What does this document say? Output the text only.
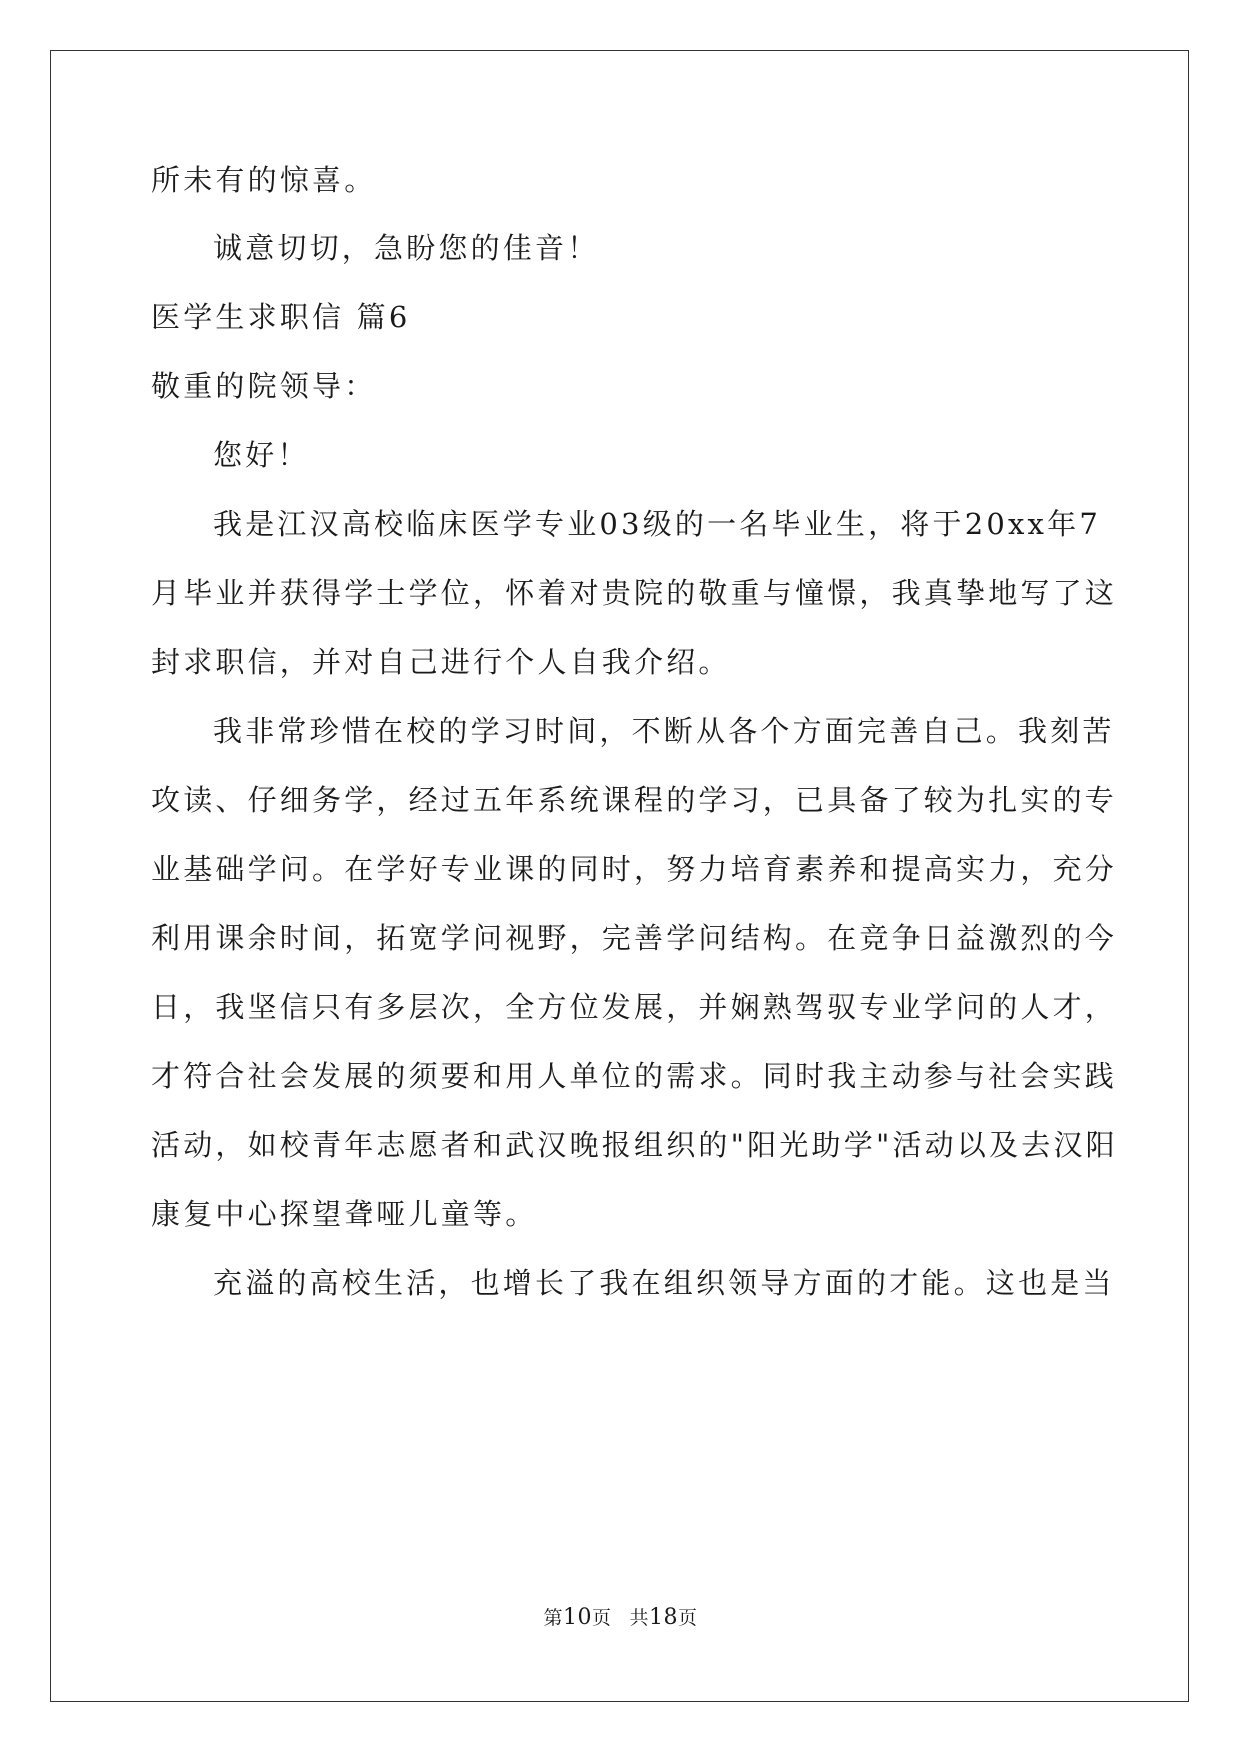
所未有的惊喜。
诚意切切，急盼您的佳音！
医学生求职信 篇6
敬重的院领导：
您好！
我是江汉高校临床医学专业03级的一名毕业生，将于20xx年7
月毕业并获得学士学位，怀着对贵院的敬重与憧憬，我真挚地写了这
封求职信，并对自己进行个人自我介绍。
我非常珍惜在校的学习时间，不断从各个方面完善自己。我刻苦
攻读、仔细务学，经过五年系统课程的学习，已具备了较为扎实的专
业基础学问。在学好专业课的同时，努力培育素养和提高实力，充分
利用课余时间，拓宽学问视野，完善学问结构。在竞争日益激烈的今
日，我坚信只有多层次，全方位发展，并娴熟驾驭专业学问的人才，
才符合社会发展的须要和用人单位的需求。同时我主动参与社会实践
活动，如校青年志愿者和武汉晚报组织的"阳光助学"活动以及去汉阳
康复中心探望聋哑儿童等。
充溢的高校生活，也增长了我在组织领导方面的才能。这也是当
第10页 共18页
